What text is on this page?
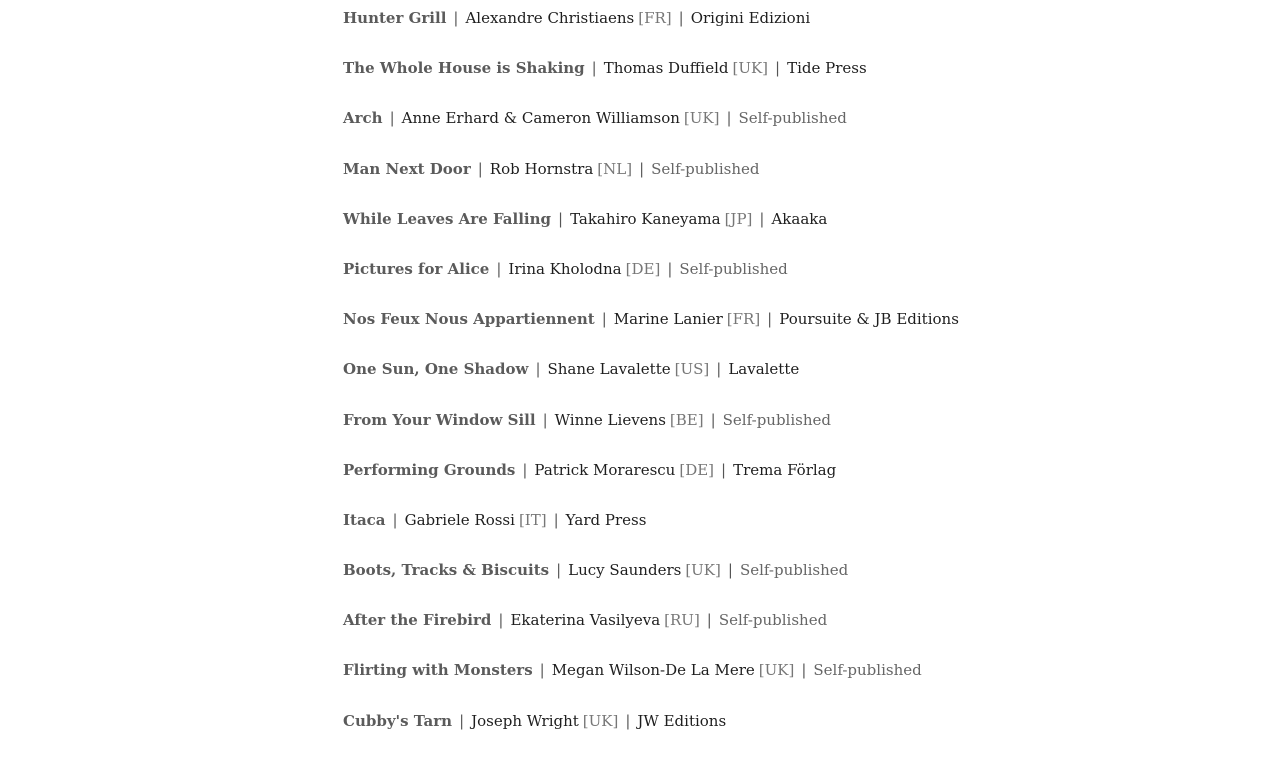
Hunter Grill | Alexandre Christiaens [FR] | Origini Edizioni
The Whole House is Shaking | Thomas Duffield [UK] | Tide Press
Arch | Anne Erhard & Cameron Williamson [UK] | Self-published
Man Next Door | Rob Hornstra [NL] | Self-published
While Leaves Are Falling | Takahiro Kaneyama [JP] | Akaaka
Pictures for Alice | Irina Kholodna [DE] | Self-published
Nos Feux Nous Appartiennent | Marine Lanier [FR] | Poursuite & JB Editions
One Sun, One Shadow | Shane Lavalette [US] | Lavalette
From Your Window Sill | Winne Lievens [BE] | Self-published
Performing Grounds | Patrick Morarescu [DE] | Trema Förlag
Itaca | Gabriele Rossi [IT] | Yard Press
Boots, Tracks & Biscuits | Lucy Saunders [UK] | Self-published
After the Firebird | Ekaterina Vasilyeva [RU] | Self-published
Flirting with Monsters | Megan Wilson-De La Mere [UK] | Self-published
Cubby's Tarn | Joseph Wright [UK] | JW Editions
